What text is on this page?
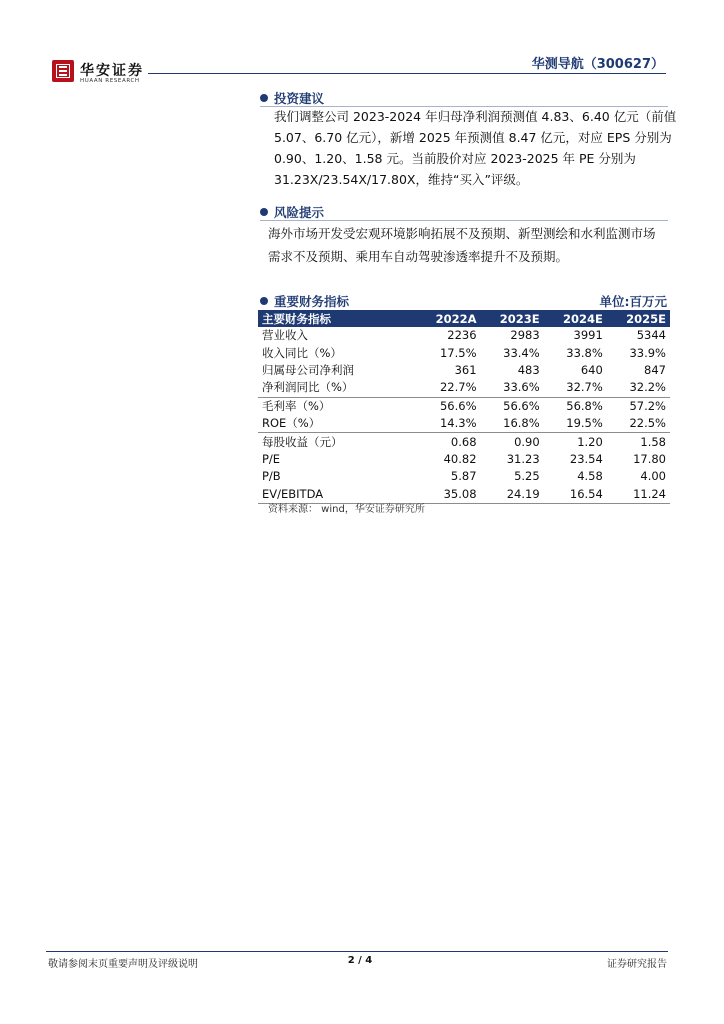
华安证券
HUAAN RESEARCH
华测导航（300627）
投资建议
我们调整公司 2023-2024 年归母净利润预测值 4.83、6.40 亿元（前值
5.07、6.70 亿元），新增 2025 年预测值 8.47 亿元，对应 EPS 分别为
0.90、1.20、1.58 元。当前股价对应 2023-2025 年 PE 分别为
31.23X/23.54X/17.80X，维持“买入”评级。
风险提示
海外市场开发受宏观环境影响拓展不及预期、新型测绘和水利监测市场
需求不及预期、乘用车自动驾驶渗透率提升不及预期。
重要财务指标	单位:百万元
主要财务指标	2022A	2023E	2024E	2025E
营业收入	2236	2983	3991	5344
收入同比（%）	17.5%	33.4%	33.8%	33.9%
归属母公司净利润	361	483	640	847
净利润同比（%）	22.7%	33.6%	32.7%	32.2%
毛利率（%）	56.6%	56.6%	56.8%	57.2%
ROE（%）	14.3%	16.8%	19.5%	22.5%
每股收益（元）	0.68	0.90	1.20	1.58
P/E	40.82	31.23	23.54	17.80
P/B	5.87	5.25	4.58	4.00
EV/EBITDA	35.08	24.19	16.54	11.24
资料来源： wind，华安证券研究所
敬请参阅末页重要声明及评级说明	2 / 4	证券研究报告
